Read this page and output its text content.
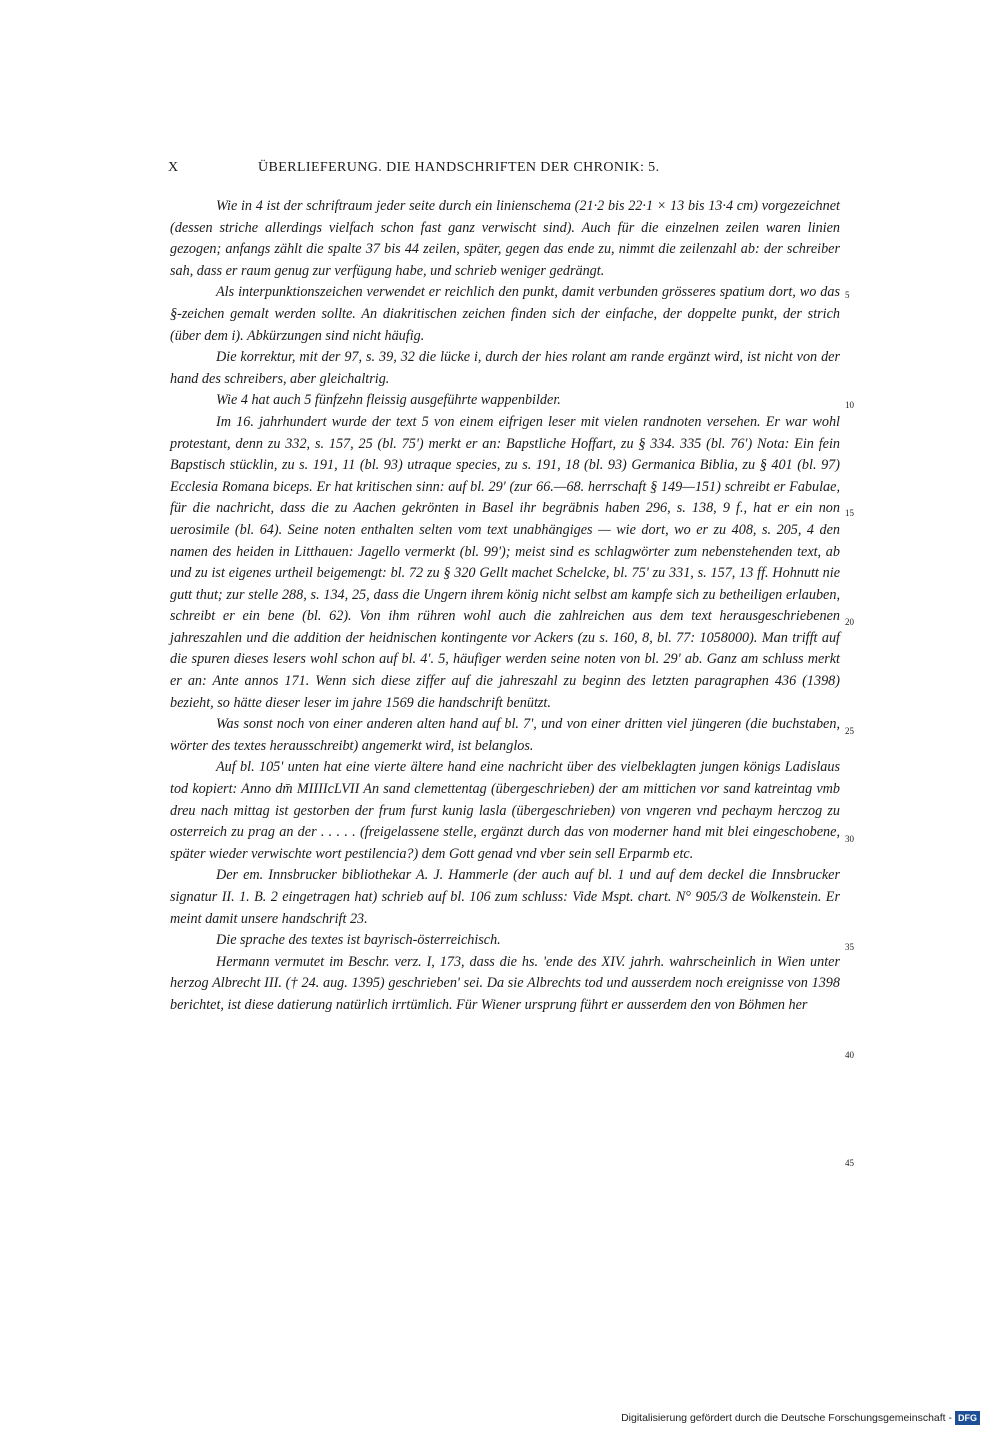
X	ÜBERLIEFERUNG. DIE HANDSCHRIFTEN DER CHRONIK: 5.

Wie in 4 ist der schriftraum jeder seite durch ein linienschema (21·2 bis 22·1 × 13 bis 13·4 cm) vorgezeichnet (dessen striche allerdings vielfach schon fast ganz verwischt sind). Auch für die einzelnen zeilen waren linien gezogen; anfangs zählt die spalte 37 bis 44 zeilen, später, gegen das ende zu, nimmt die zeilenzahl ab: der schreiber sah, dass er raum genug zur verfügung habe, und schrieb weniger gedrängt.

Als interpunktionszeichen verwendet er reichlich den punkt, damit verbunden grösseres spatium dort, wo das §-zeichen gemalt werden sollte. An diakritischen zeichen finden sich der einfache, der doppelte punkt, der strich (über dem i). Abkürzungen sind nicht häufig.

Die korrektur, mit der 97, s. 39, 32 die lücke i, durch der hies rolant am rande ergänzt wird, ist nicht von der hand des schreibers, aber gleichaltrig.

Wie 4 hat auch 5 fünfzehn fleissig ausgeführte wappenbilder.

Im 16. jahrhundert wurde der text 5 von einem eifrigen leser mit vielen randnoten versehen. Er war wohl protestant, denn zu 332, s. 157, 25 (bl. 75') merkt er an: Bapstliche Hoffart, zu § 334. 335 (bl. 76') Nota: Ein fein Bapstisch stücklin, zu s. 191, 11 (bl. 93) utraque species, zu s. 191, 18 (bl. 93) Germanica Biblia, zu § 401 (bl. 97) Ecclesia Romana biceps. Er hat kritischen sinn: auf bl. 29' (zur 66.—68. herrschaft § 149—151) schreibt er Fabulae, für die nachricht, dass die zu Aachen gekrönten in Basel ihr begräbnis haben 296, s. 138, 9 f., hat er ein non uerosimile (bl. 64). Seine noten enthalten selten vom text unabhängiges — wie dort, wo er zu 408, s. 205, 4 den namen des heiden in Litthauen: Jagello vermerkt (bl. 99'); meist sind es schlagwörter zum nebenstehenden text, ab und zu ist eigenes urtheil beigemengt: bl. 72 zu § 320 Gellt machet Schelcke, bl. 75' zu 331, s. 157, 13 ff. Hohnutt nie gutt thut; zur stelle 288, s. 134, 25, dass die Ungern ihrem könig nicht selbst am kampfe sich zu betheiligen erlauben, schreibt er ein bene (bl. 62). Von ihm rühren wohl auch die zahlreichen aus dem text herausgeschriebenen jahreszahlen und die addition der heidnischen kontingente vor Ackers (zu s. 160, 8, bl. 77: 1058000). Man trifft auf die spuren dieses lesers wohl schon auf bl. 4'. 5, häufiger werden seine noten von bl. 29' ab. Ganz am schluss merkt er an: Ante annos 171. Wenn sich diese ziffer auf die jahreszahl zu beginn des letzten paragraphen 436 (1398) bezieht, so hätte dieser leser im jahre 1569 die handschrift benützt.

Was sonst noch von einer anderen alten hand auf bl. 7', und von einer dritten viel jüngeren (die buchstaben, wörter des textes herausschreibt) angemerkt wird, ist belanglos.

Auf bl. 105' unten hat eine vierte ältere hand eine nachricht über des vielbeklagten jungen königs Ladislaus tod kopiert: Anno dm̄ MIIIIcLVII An sand clemettentag (übergeschrieben) der am mittichen vor sand katreintag vmb dreu nach mittag ist gestorben der frum furst kunig lasla (übergeschrieben) von vngeren vnd pechaym herczog zu osterreich zu prag an der . . . . . (freigelassene stelle, ergänzt durch das von moderner hand mit blei eingeschobene, später wieder verwischte wort pestilencia?) dem Gott genad vnd vber sein sell Erparmb etc.

Der em. Innsbrucker bibliothekar A. J. Hammerle (der auch auf bl. 1 und auf dem deckel die Innsbrucker signatur II. 1. B. 2 eingetragen hat) schrieb auf bl. 106 zum schluss: Vide Mspt. chart. N° 905/3 de Wolkenstein. Er meint damit unsere handschrift 23.

Die sprache des textes ist bayrisch-österreichisch.

Hermann vermutet im Beschr. verz. I, 173, dass die hs. 'ende des XIV. jahrh. wahrscheinlich in Wien unter herzog Albrecht III. († 24. aug. 1395) geschrieben' sei. Da sie Albrechts tod und ausserdem noch ereignisse von 1398 berichtet, ist diese datierung natürlich irrtümlich. Für Wiener ursprung führt er ausserdem den von Böhmen her

5
10
15
20
25
30
35
40
45
Digitalisierung gefördert durch die Deutsche Forschungsgemeinschaft - DFG
